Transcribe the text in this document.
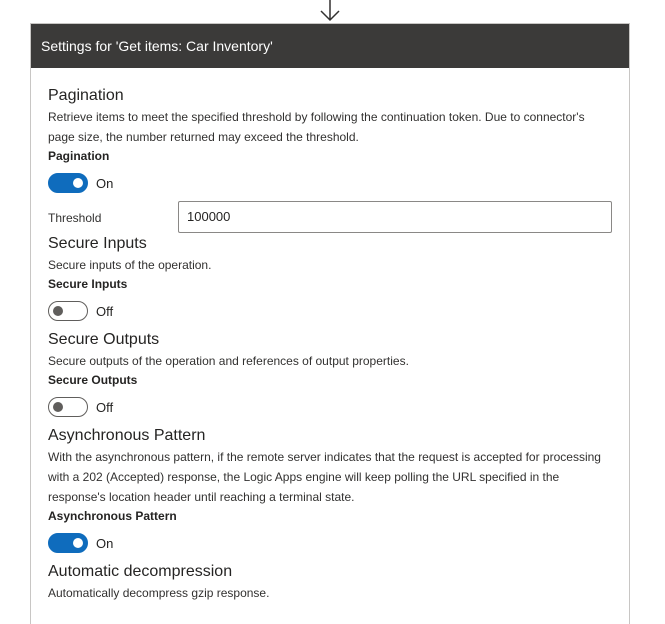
Settings for 'Get items: Car Inventory'
Pagination
Retrieve items to meet the specified threshold by following the continuation token. Due to connector's page size, the number returned may exceed the threshold.
Pagination
On
Threshold	100000
Secure Inputs
Secure inputs of the operation.
Secure Inputs
Off
Secure Outputs
Secure outputs of the operation and references of output properties.
Secure Outputs
Off
Asynchronous Pattern
With the asynchronous pattern, if the remote server indicates that the request is accepted for processing with a 202 (Accepted) response, the Logic Apps engine will keep polling the URL specified in the response's location header until reaching a terminal state.
Asynchronous Pattern
On
Automatic decompression
Automatically decompress gzip response.
